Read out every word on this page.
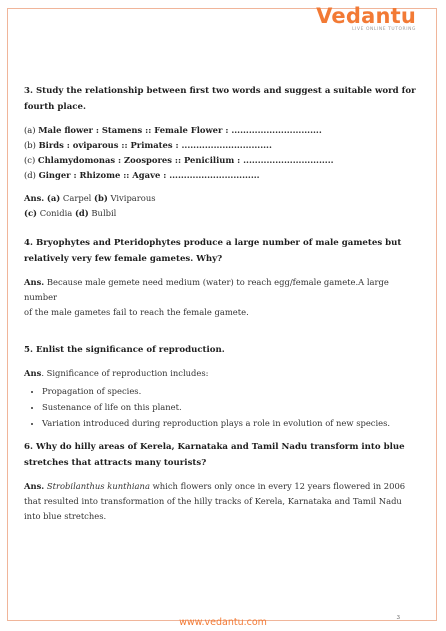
Vedantu
LIVE ONLINE TUTORING
3. Study the relationship between first two words and suggest a suitable word for
fourth place.
(a) Male flower : Stamens :: Female Flower : ...............................
(b) Birds : oviparous :: Primates : ...............................
(c) Chlamydomonas : Zoospores :: Penicilium : ...............................
(d) Ginger : Rhizome :: Agave : ...............................
Ans. (a) Carpel (b) Viviparous
(c) Conidia (d) Bulbil
4. Bryophytes and Pteridophytes produce a large number of male gametes but
relatively very few female gametes. Why?
Ans. Because male gemete need medium (water) to reach egg/female gamete.A large number
of the male gametes fail to reach the female gamete.
5. Enlist the significance of reproduction.
Ans. Significance of reproduction includes:
• Propagation of species.
• Sustenance of life on this planet.
• Variation introduced during reproduction plays a role in evolution of new species.
6. Why do hilly areas of Kerela, Karnataka and Tamil Nadu transform into blue
stretches that attracts many tourists?
Ans. Strobilanthus kunthiana which flowers only once in every 12 years flowered in 2006
that resulted into transformation of the hilly tracks of Kerela, Karnataka and Tamil Nadu
into blue stretches.
www.vedantu.com	3
